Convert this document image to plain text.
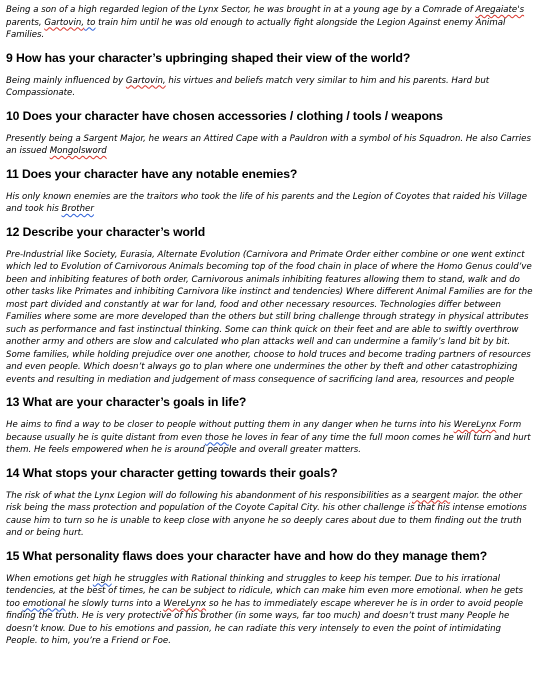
Being a son of a high regarded legion of the Lynx Sector, he was brought in at a young age by a Comrade of Aregaiate's parents, Gartovin, to train him until he was old enough to actually fight alongside the Legion Against enemy Animal Families.

9 How has your character’s upbringing shaped their view of the world?

Being mainly influenced by Gartovin, his virtues and beliefs match very similar to him and his parents. Hard but Compassionate.

10 Does your character have chosen accessories / clothing / tools / weapons

Presently being a Sargent Major, he wears an Attired Cape with a Pauldron with a symbol of his Squadron. He also Carries an issued Mongolsword

11 Does your character have any notable enemies?

His only known enemies are the traitors who took the life of his parents and the Legion of Coyotes that raided his Village and took his Brother

12 Describe your character’s world

Pre-Industrial like Society, Eurasia, Alternate Evolution (Carnivora and Primate Order either combine or one went extinct which led to Evolution of Carnivorous Animals becoming top of the food chain in place of where the Homo Genus could’ve been and inhibiting features of both order, Carnivorous animals inhibiting features allowing them to stand, walk and do other tasks like Primates and inhibiting Carnivora like instinct and tendencies) Where different Animal Families are for the most part divided and constantly at war for land, food and other necessary resources. Technologies differ between Families where some are more developed than the others but still bring challenge through strategy in physical attributes such as performance and fast instinctual thinking. Some can think quick on their feet and are able to swiftly overthrow another army and others are slow and calculated who plan attacks well and can undermine a family’s land bit by bit. Some families, while holding prejudice over one another, choose to hold truces and become trading partners of resources and even people. Which doesn’t always go to plan where one undermines the other by theft and other catastrophizing events and resulting in mediation and judgement of mass consequence of sacrificing land area, resources and people

13 What are your character’s goals in life?

He aims to find a way to be closer to people without putting them in any danger when he turns into his WereLynx Form because usually he is quite distant from even those he loves in fear of any time the full moon comes he will turn and hurt them. He feels empowered when he is around people and overall greater matters.

14 What stops your character getting towards their goals?

The risk of what the Lynx Legion will do following his abandonment of his responsibilities as a seargent major. the other risk being the mass protection and population of the Coyote Capital City. his other challenge is that his intense emotions cause him to turn so he is unable to keep close with anyone he so deeply cares about due to them finding out the truth and or being hurt.

15 What personality flaws does your character have and how do they manage them?

When emotions get high he struggles with Rational thinking and struggles to keep his temper. Due to his irrational tendencies, at the best of times, he can be subject to ridicule, which can make him even more emotional. when he gets too emotional he slowly turns into a WereLynx so he has to immediately escape wherever he is in order to avoid people finding the truth. He is very protective of his brother (in some ways, far too much) and doesn’t trust many People he doesn’t know. Due to his emotions and passion, he can radiate this very intensely to even the point of intimidating People. to him, you’re a Friend or Foe.
